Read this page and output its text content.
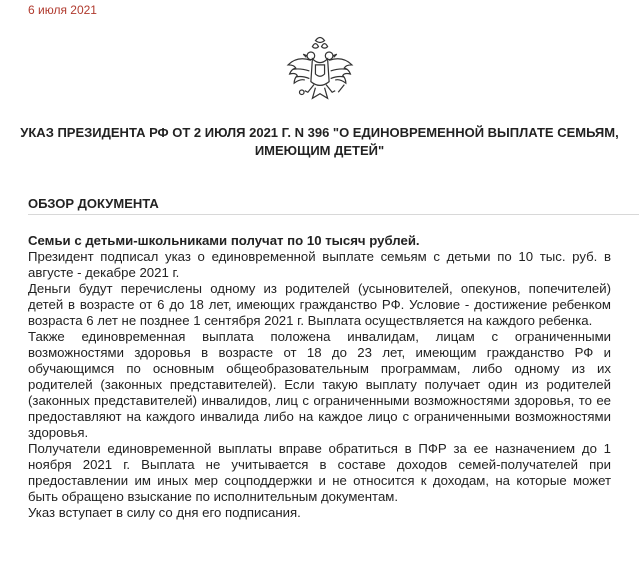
6 июля 2021
УКАЗ ПРЕЗИДЕНТА РФ ОТ 2 ИЮЛЯ 2021 Г. N 396 "О ЕДИНОВРЕМЕННОЙ ВЫПЛАТЕ СЕМЬЯМ, ИМЕЮЩИМ ДЕТЕЙ"
ОБЗОР ДОКУМЕНТА

Семьи с детьми-школьниками получат по 10 тысяч рублей.

Президент подписал указ о единовременной выплате семьям с детьми по 10 тыс. руб. в августе - декабре 2021 г.

Деньги будут перечислены одному из родителей (усыновителей, опекунов, попечителей) детей в возрасте от 6 до 18 лет, имеющих гражданство РФ. Условие - достижение ребенком возраста 6 лет не позднее 1 сентября 2021 г. Выплата осуществляется на каждого ребенка.

Также единовременная выплата положена инвалидам, лицам с ограниченными возможностями здоровья в возрасте от 18 до 23 лет, имеющим гражданство РФ и обучающимся по основным общеобразовательным программам, либо одному из их родителей (законных представителей). Если такую выплату получает один из родителей (законных представителей) инвалидов, лиц с ограниченными возможностями здоровья, то ее предоставляют на каждого инвалида либо на каждое лицо с ограниченными возможностями здоровья.

Получатели единовременной выплаты вправе обратиться в ПФР за ее назначением до 1 ноября 2021 г. Выплата не учитывается в составе доходов семей-получателей при предоставлении им иных мер соцподдержки и не относится к доходам, на которые может быть обращено взыскание по исполнительным документам.

Указ вступает в силу со дня его подписания.
